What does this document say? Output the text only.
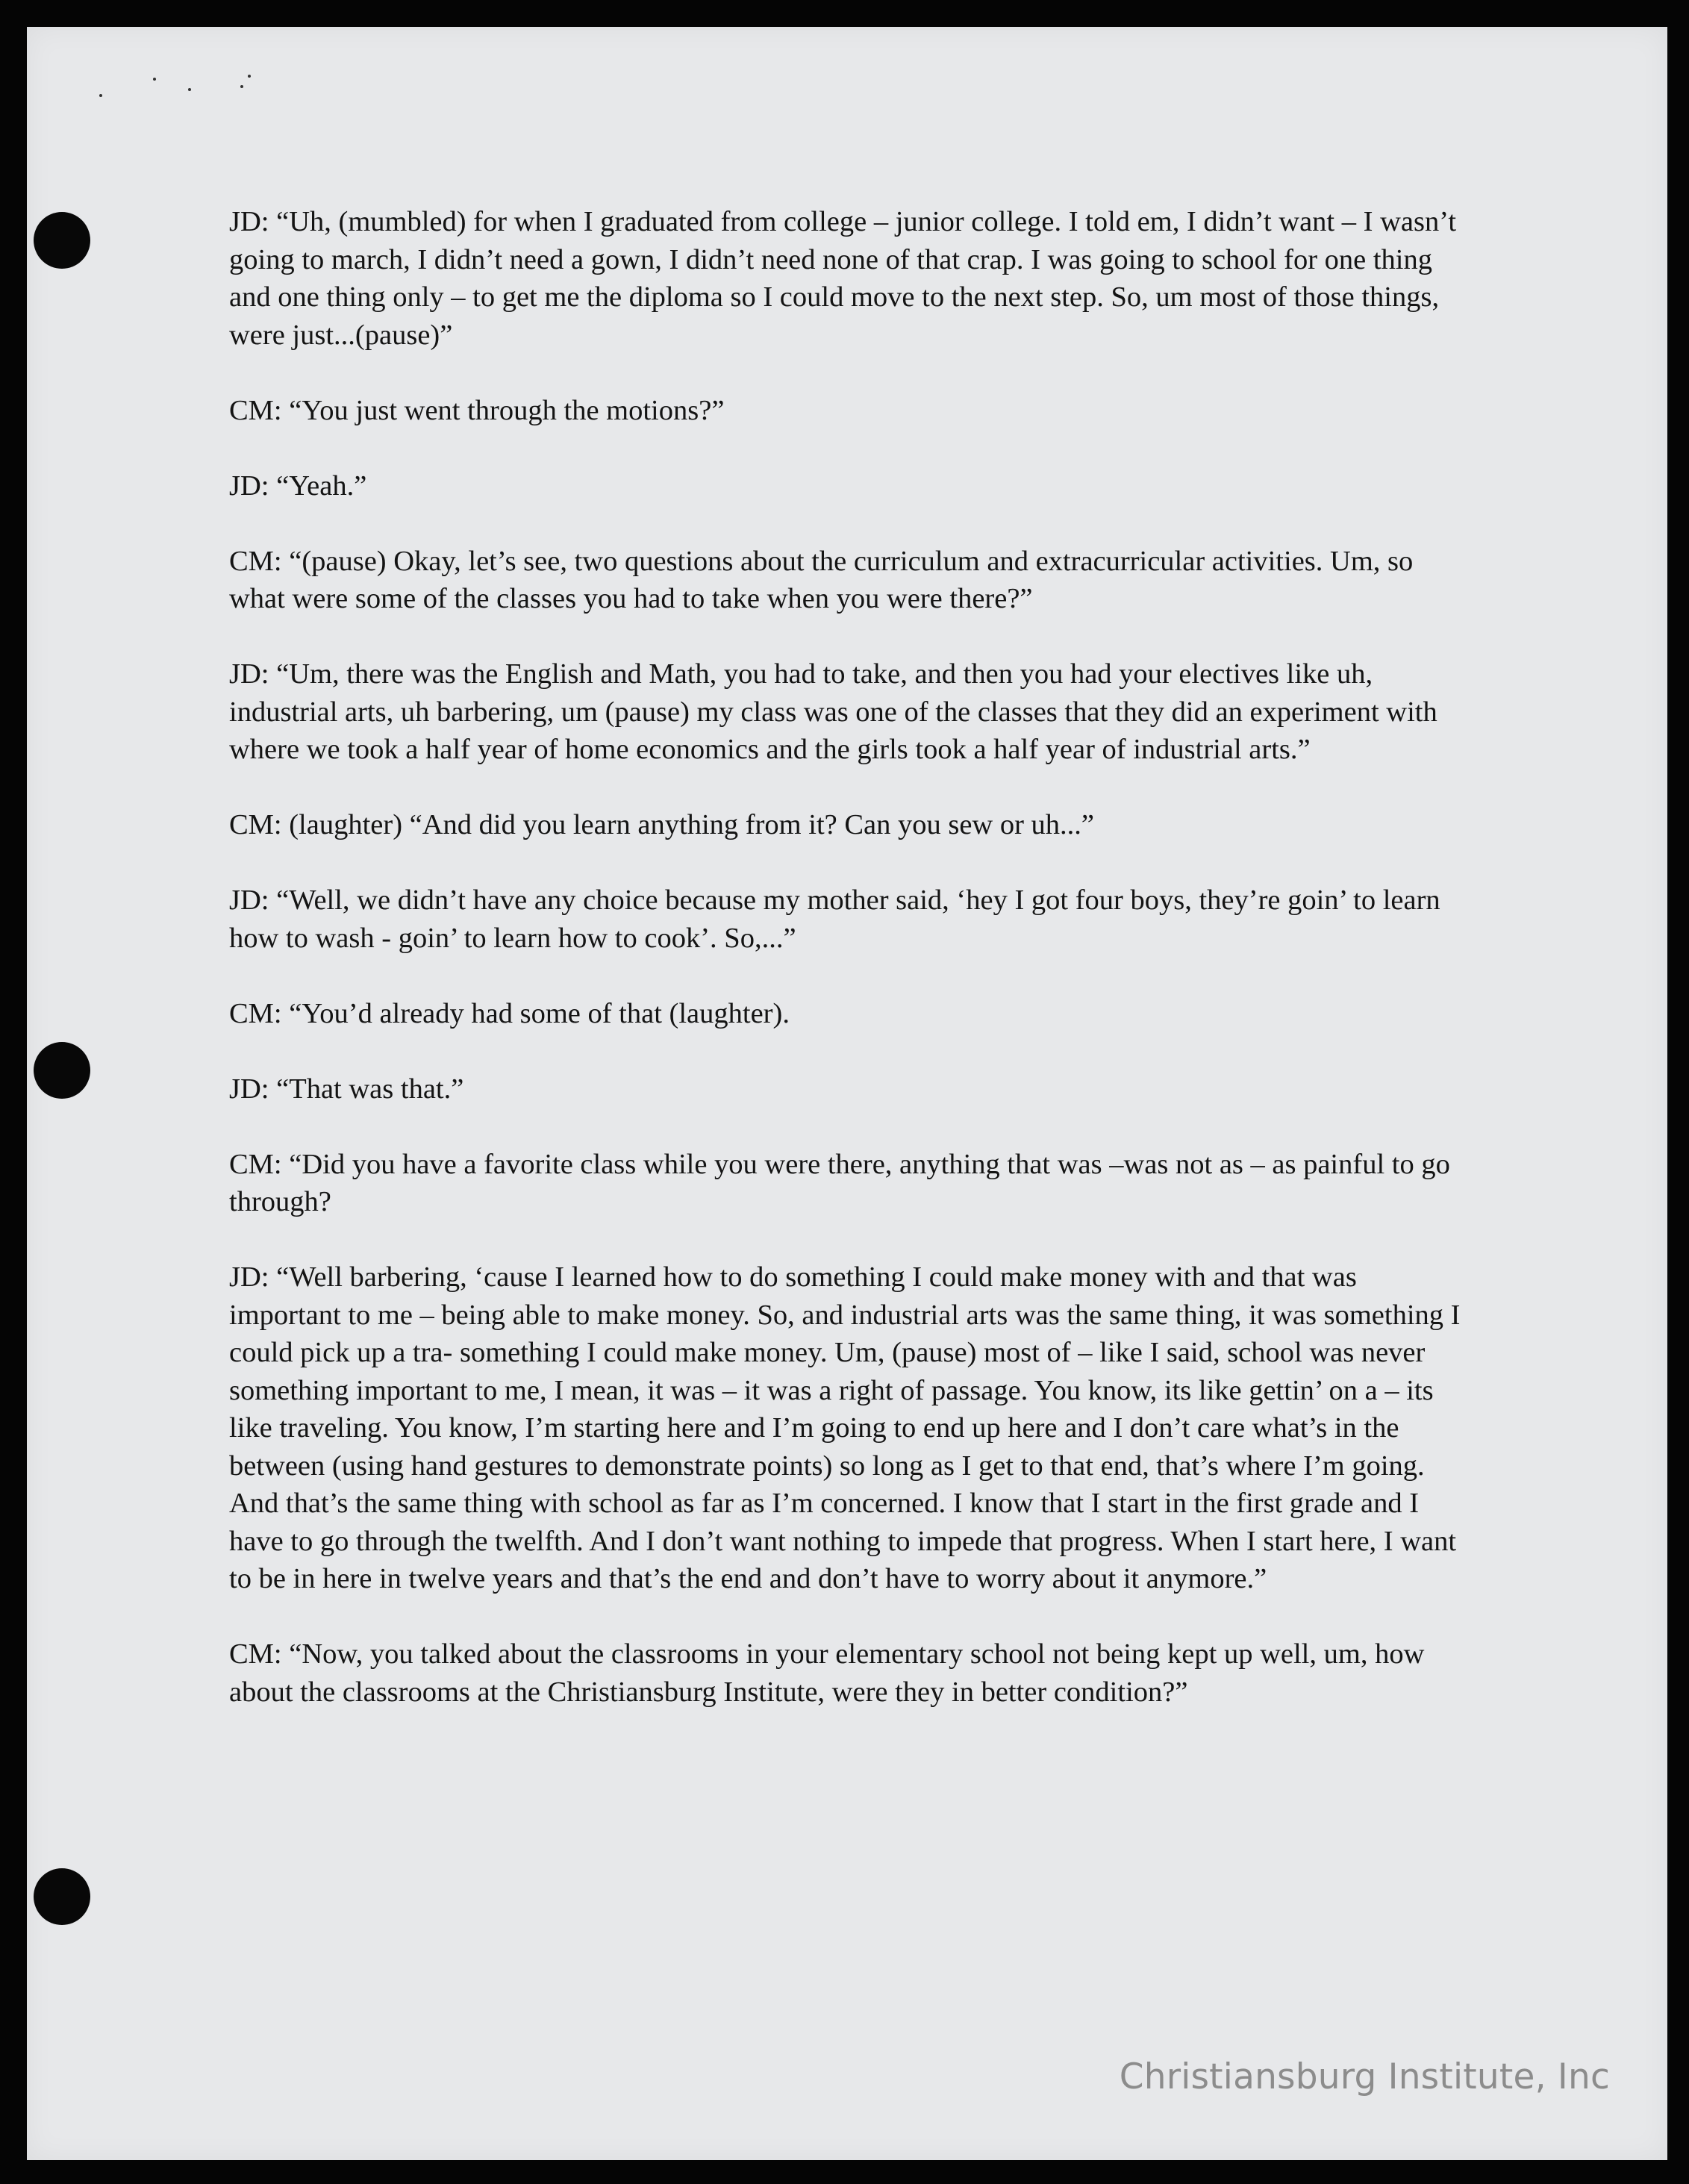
JD: “Uh, (mumbled) for when I graduated from college – junior college. I told em, I didn’t want – I wasn’t going to march, I didn’t need a gown, I didn’t need none of that crap. I was going to school for one thing and one thing only – to get me the diploma so I could move to the next step. So, um most of those things, were just...(pause)”

CM: “You just went through the motions?”

JD: “Yeah.”

CM: “(pause) Okay, let’s see, two questions about the curriculum and extracurricular activities. Um, so what were some of the classes you had to take when you were there?”

JD: “Um, there was the English and Math, you had to take, and then you had your electives like uh, industrial arts, uh barbering, um (pause) my class was one of the classes that they did an experiment with where we took a half year of home economics and the girls took a half year of industrial arts.”

CM: (laughter) “And did you learn anything from it? Can you sew or uh...”

JD: “Well, we didn’t have any choice because my mother said, ‘hey I got four boys, they’re goin’ to learn how to wash - goin’ to learn how to cook’. So,...”

CM: “You’d already had some of that (laughter).

JD: “That was that.”

CM: “Did you have a favorite class while you were there, anything that was –was not as – as painful to go through?

JD: “Well barbering, ‘cause I learned how to do something I could make money with and that was important to me – being able to make money. So, and industrial arts was the same thing, it was something I could pick up a tra- something I could make money. Um, (pause) most of – like I said, school was never something important to me, I mean, it was – it was a right of passage. You know, its like gettin’ on a – its like traveling. You know, I’m starting here and I’m going to end up here and I don’t care what’s in the between (using hand gestures to demonstrate points) so long as I get to that end, that’s where I’m going. And that’s the same thing with school as far as I’m concerned. I know that I start in the first grade and I have to go through the twelfth. And I don’t want nothing to impede that progress. When I start here, I want to be in here in twelve years and that’s the end and don’t have to worry about it anymore.”

CM: “Now, you talked about the classrooms in your elementary school not being kept up well, um, how about the classrooms at the Christiansburg Institute, were they in better condition?”

Christiansburg Institute, Inc
